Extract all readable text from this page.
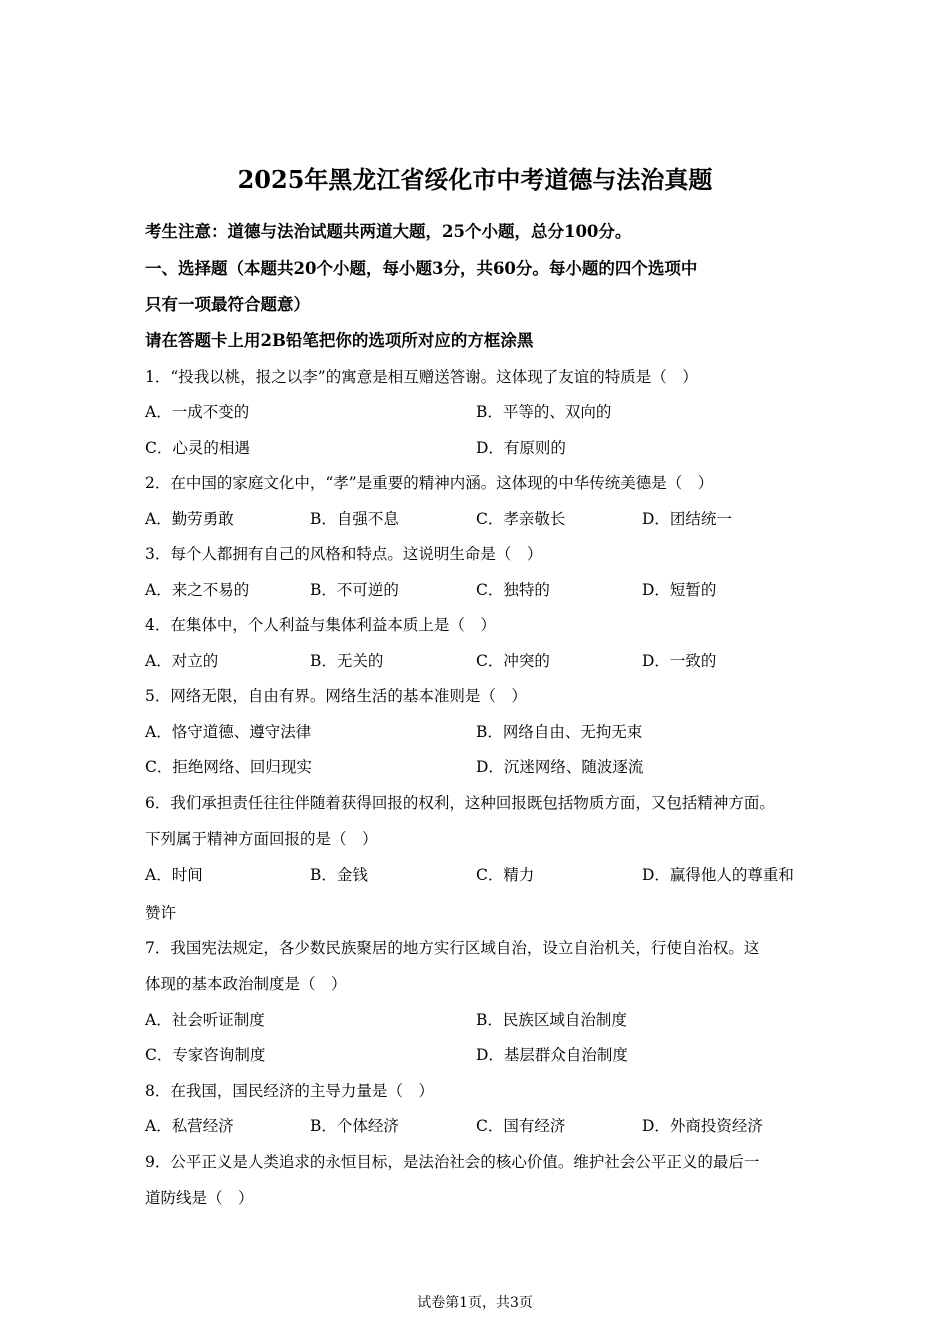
2025年黑龙江省绥化市中考道德与法治真题
考生注意：道德与法治试题共两道大题，25个小题，总分100分。
一、选择题（本题共20个小题，每小题3分，共60分。每小题的四个选项中
只有一项最符合题意）
请在答题卡上用2B铅笔把你的选项所对应的方框涂黑
1．“投我以桃，报之以李”的寓意是相互赠送答谢。这体现了友谊的特质是（　）
A．一成不变的	B．平等的、双向的
C．心灵的相遇	D．有原则的
2．在中国的家庭文化中，“孝”是重要的精神内涵。这体现的中华传统美德是（　）
A．勤劳勇敢	B．自强不息	C．孝亲敬长	D．团结统一
3．每个人都拥有自己的风格和特点。这说明生命是（　）
A．来之不易的	B．不可逆的	C．独特的	D．短暂的
4．在集体中，个人利益与集体利益本质上是（　）
A．对立的	B．无关的	C．冲突的	D．一致的
5．网络无限，自由有界。网络生活的基本准则是（　）
A．恪守道德、遵守法律	B．网络自由、无拘无束
C．拒绝网络、回归现实	D．沉迷网络、随波逐流
6．我们承担责任往往伴随着获得回报的权利，这种回报既包括物质方面，又包括精神方面。
下列属于精神方面回报的是（　）
A．时间	B．金钱	C．精力	D．赢得他人的尊重和
赞许
7．我国宪法规定，各少数民族聚居的地方实行区域自治，设立自治机关，行使自治权。这
体现的基本政治制度是（　）
A．社会听证制度	B．民族区域自治制度
C．专家咨询制度	D．基层群众自治制度
8．在我国，国民经济的主导力量是（　）
A．私营经济	B．个体经济	C．国有经济	D．外商投资经济
9．公平正义是人类追求的永恒目标，是法治社会的核心价值。维护社会公平正义的最后一
道防线是（　）
试卷第1页，共3页
